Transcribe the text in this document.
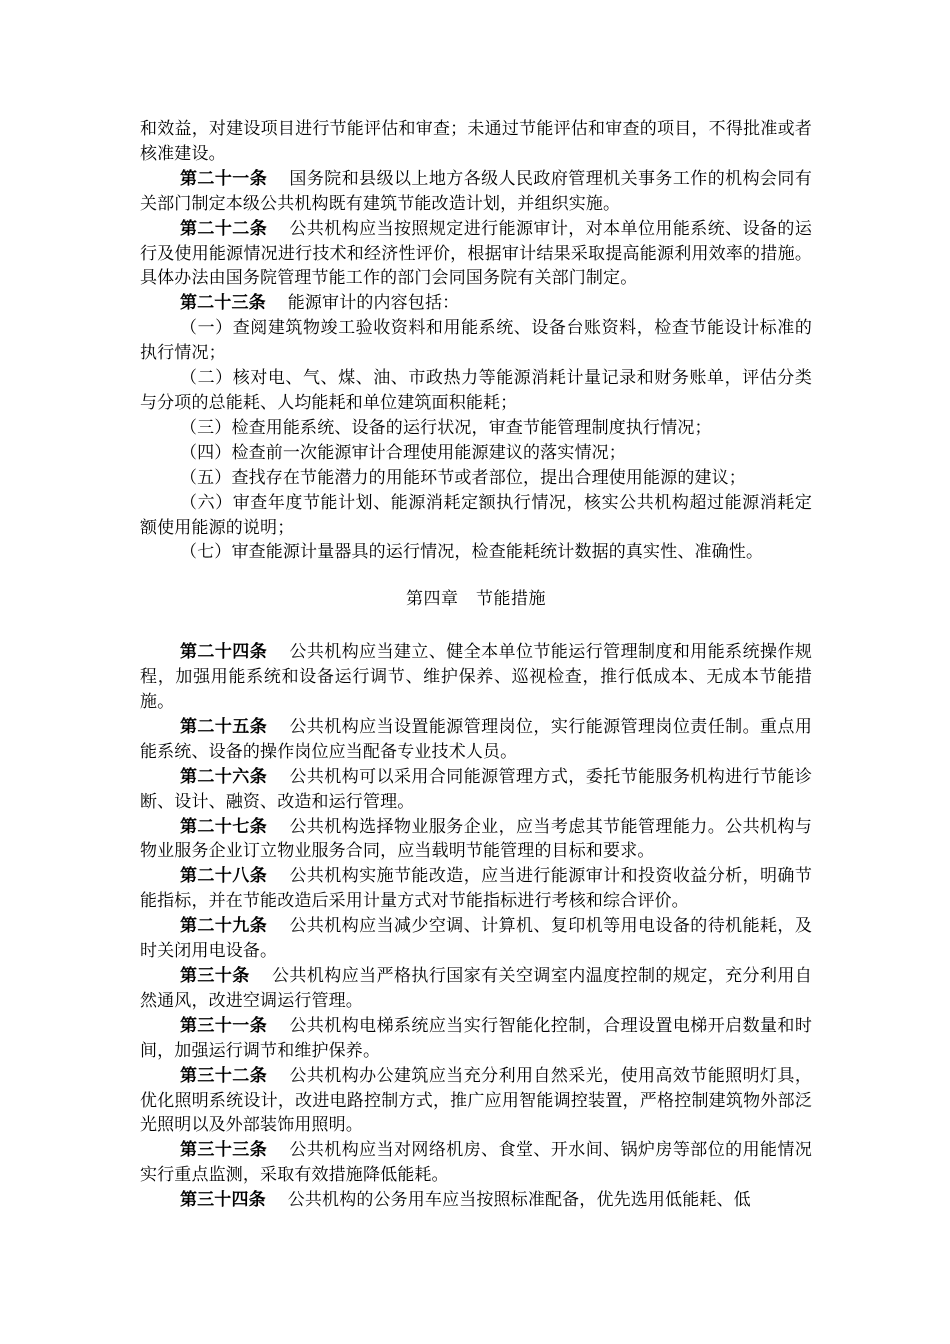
和效益，对建设项目进行节能评估和审查；未通过节能评估和审查的项目，不得批准或者核准建设。

第二十一条 国务院和县级以上地方各级人民政府管理机关事务工作的机构会同有关部门制定本级公共机构既有建筑节能改造计划，并组织实施。

第二十二条 公共机构应当按照规定进行能源审计，对本单位用能系统、设备的运行及使用能源情况进行技术和经济性评价，根据审计结果采取提高能源利用效率的措施。具体办法由国务院管理节能工作的部门会同国务院有关部门制定。

第二十三条 能源审计的内容包括：

（一）查阅建筑物竣工验收资料和用能系统、设备台账资料，检查节能设计标准的执行情况；

（二）核对电、气、煤、油、市政热力等能源消耗计量记录和财务账单，评估分类与分项的总能耗、人均能耗和单位建筑面积能耗；

（三）检查用能系统、设备的运行状况，审查节能管理制度执行情况；

（四）检查前一次能源审计合理使用能源建议的落实情况；

（五）查找存在节能潜力的用能环节或者部位，提出合理使用能源的建议；

（六）审查年度节能计划、能源消耗定额执行情况，核实公共机构超过能源消耗定额使用能源的说明；

（七）审查能源计量器具的运行情况，检查能耗统计数据的真实性、准确性。

第四章　节能措施

第二十四条 公共机构应当建立、健全本单位节能运行管理制度和用能系统操作规程，加强用能系统和设备运行调节、维护保养、巡视检查，推行低成本、无成本节能措施。

第二十五条 公共机构应当设置能源管理岗位，实行能源管理岗位责任制。重点用能系统、设备的操作岗位应当配备专业技术人员。

第二十六条 公共机构可以采用合同能源管理方式，委托节能服务机构进行节能诊断、设计、融资、改造和运行管理。

第二十七条 公共机构选择物业服务企业，应当考虑其节能管理能力。公共机构与物业服务企业订立物业服务合同，应当载明节能管理的目标和要求。

第二十八条 公共机构实施节能改造，应当进行能源审计和投资收益分析，明确节能指标，并在节能改造后采用计量方式对节能指标进行考核和综合评价。

第二十九条 公共机构应当减少空调、计算机、复印机等用电设备的待机能耗，及时关闭用电设备。

第三十条 公共机构应当严格执行国家有关空调室内温度控制的规定，充分利用自然通风，改进空调运行管理。

第三十一条 公共机构电梯系统应当实行智能化控制，合理设置电梯开启数量和时间，加强运行调节和维护保养。

第三十二条 公共机构办公建筑应当充分利用自然采光，使用高效节能照明灯具，优化照明系统设计，改进电路控制方式，推广应用智能调控装置，严格控制建筑物外部泛光照明以及外部装饰用照明。

第三十三条 公共机构应当对网络机房、食堂、开水间、锅炉房等部位的用能情况实行重点监测，采取有效措施降低能耗。

第三十四条 公共机构的公务用车应当按照标准配备，优先选用低能耗、低
